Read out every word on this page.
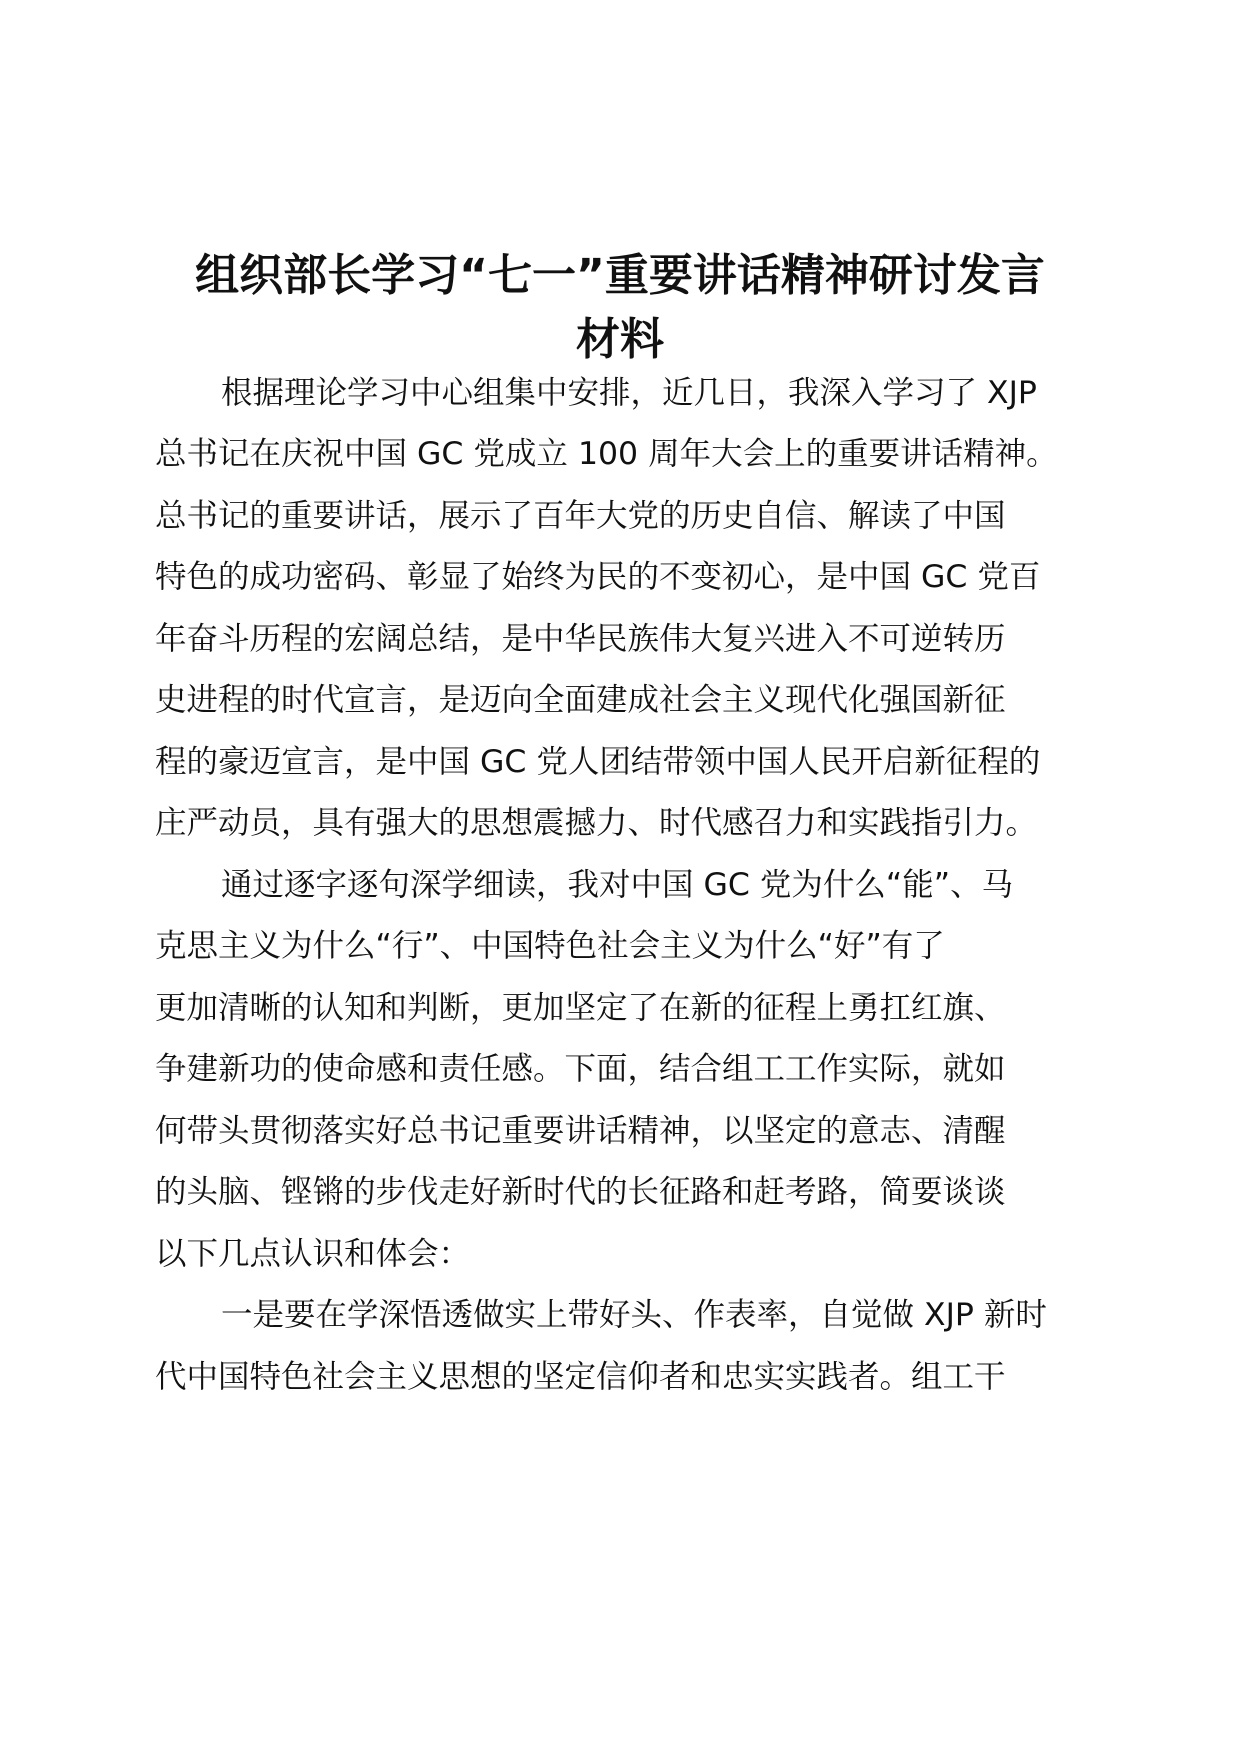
组织部长学习“七一”重要讲话精神研讨发言
材料

根据理论学习中心组集中安排，近几日，我深入学习了 XJP

总书记在庆祝中国 GC 党成立 100 周年大会上的重要讲话精神。

总书记的重要讲话，展示了百年大党的历史自信、解读了中国

特色的成功密码、彰显了始终为民的不变初心，是中国 GC 党百

年奋斗历程的宏阔总结，是中华民族伟大复兴进入不可逆转历

史进程的时代宣言，是迈向全面建成社会主义现代化强国新征

程的豪迈宣言，是中国 GC 党人团结带领中国人民开启新征程的

庄严动员，具有强大的思想震撼力、时代感召力和实践指引力。

通过逐字逐句深学细读，我对中国 GC 党为什么“能”、马

克思主义为什么“行”、中国特色社会主义为什么“好”有了

更加清晰的认知和判断，更加坚定了在新的征程上勇扛红旗、

争建新功的使命感和责任感。下面，结合组工工作实际，就如

何带头贯彻落实好总书记重要讲话精神，以坚定的意志、清醒

的头脑、铿锵的步伐走好新时代的长征路和赶考路，简要谈谈

以下几点认识和体会：

一是要在学深悟透做实上带好头、作表率，自觉做 XJP 新时

代中国特色社会主义思想的坚定信仰者和忠实实践者。组工干
